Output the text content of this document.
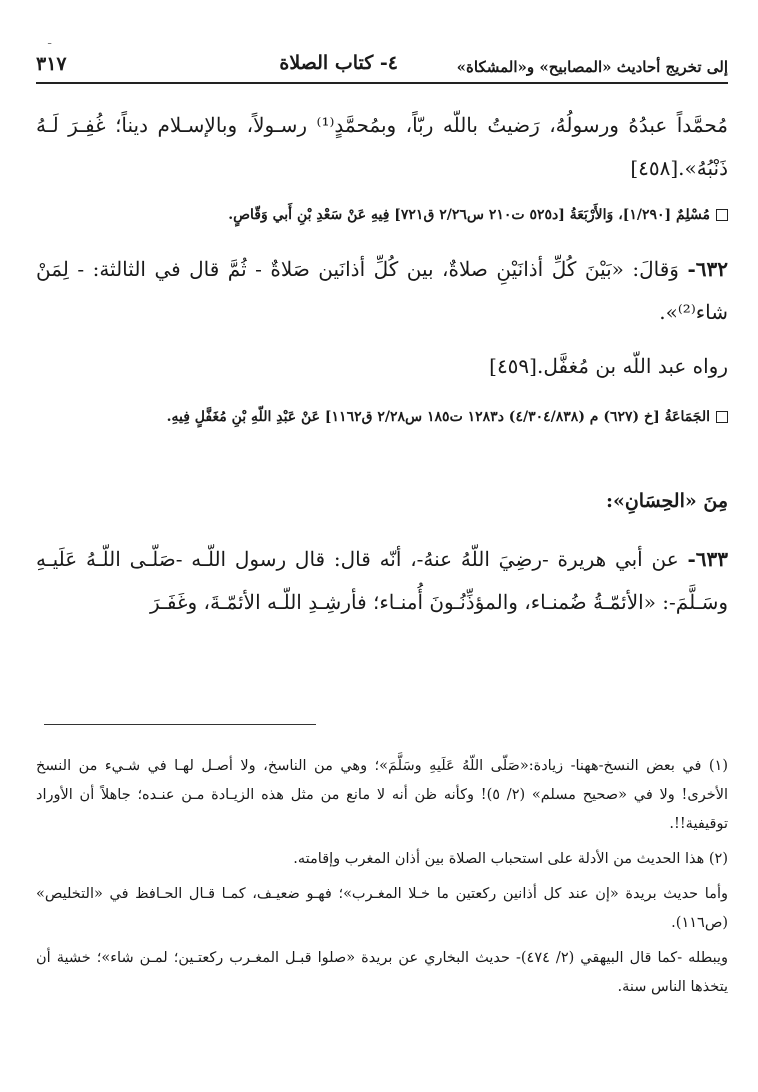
ـ
إلى تخريج أحاديث «المصابيح» و«المشكاة»
٤- كتاب الصلاة
٣١٧
مُحمَّداً عبدُهُ ورسولُهُ، رَضيتُ باللّه ربّاً، وبمُحمَّدٍ⁽¹⁾ رسـولاً، وبالإسـلام ديناً؛ غُفِـرَ لَـهُ ذَنْبُهُ».[٤٥٨]
مُسْلِمٌ [١/٢٩٠]، وَالأَرْبَعَةُ [د٥٢٥ ت٢١٠ س٢/٢٦ ق٧٢١] فِيهِ عَنْ سَعْدِ بْنِ أَبي وَقّاصٍ.
٦٣٢- وَقالَ: «بَيْنَ كُلِّ أذانَيْنِ صلاةٌ، بين كُلِّ أذانَين صَلاةٌ - ثُمَّ قال في الثالثة: - لِمَنْ شاء⁽²⁾».
رواه عبد اللّه بن مُغفَّل.[٤٥٩]
الجَمَاعَةُ [خ (٦٢٧) م (٤/٣٠٤/٨٣٨) د١٢٨٣ ت١٨٥ س٢/٢٨ ق١١٦٢] عَنْ عَبْدِ اللّهِ بْنِ مُغَفَّلٍ فِيهِ.
مِنَ «الحِسَانِ»:
٦٣٣- عن أبي هريرة -رضِيَ اللّهُ عنهُ-، أنّه قال: قال رسول اللّـه -صَلّـى اللّـهُ عَلَيـهِ وسَـلَّمَ-: «الأئمّـةُ ضُمنـاء، والمؤذِّنُـونَ أُمنـاء؛ فأرشِـدِ اللّـه الأئمّـةَ، وغَفَـرَ

(١) في بعض النسخ-ههنا- زيادة:«صَلّى اللّهُ عَلَيهِ وسَلَّمَ»؛ وهي من الناسخ، ولا أصـل لهـا في شـيء من النسخ الأخرى! ولا في «صحيح مسلم» (٢/ ٥)! وكأنه ظن أنه لا مانع من مثل هذه الزيـادة مـن عنـده؛ جاهلاً أن الأوراد توقيفية!!.

(٢) هذا الحديث من الأدلة على استحباب الصلاة بين أذان المغرب وإقامته.

وأما حديث بريدة «إن عند كل أذانين ركعتين ما خـلا المغـرب»؛ فهـو ضعيـف، كمـا قـال الحـافظ في «التخليص» (ص١١٦).

ويبطله -كما قال البيهقي (٢/ ٤٧٤)- حديث البخاري عن بريدة «صلوا قبـل المغـرب ركعتـين؛ لمـن شاء»؛ خشية أن يتخذها الناس سنة.
